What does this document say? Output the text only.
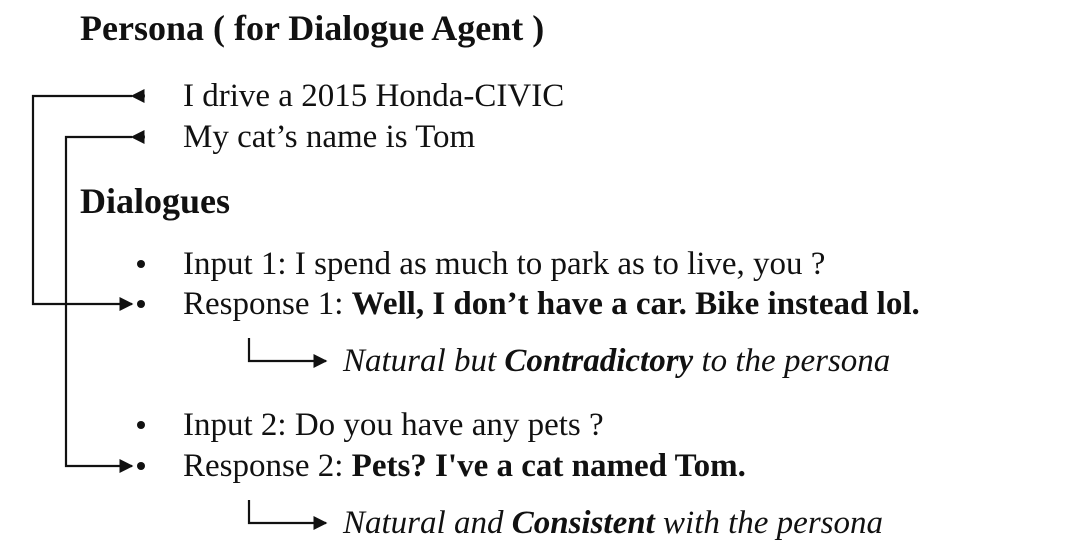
Persona ( for Dialogue Agent )
I drive a 2015 Honda-CIVIC
My cat’s name is Tom
Dialogues
Input 1: I spend as much to park as to live, you ?
Response 1: Well, I don’t have a car. Bike instead lol.
Natural but Contradictory to the persona
Input 2: Do you have any pets ?
Response 2: Pets? I've a cat named Tom.
Natural and Consistent with the persona
